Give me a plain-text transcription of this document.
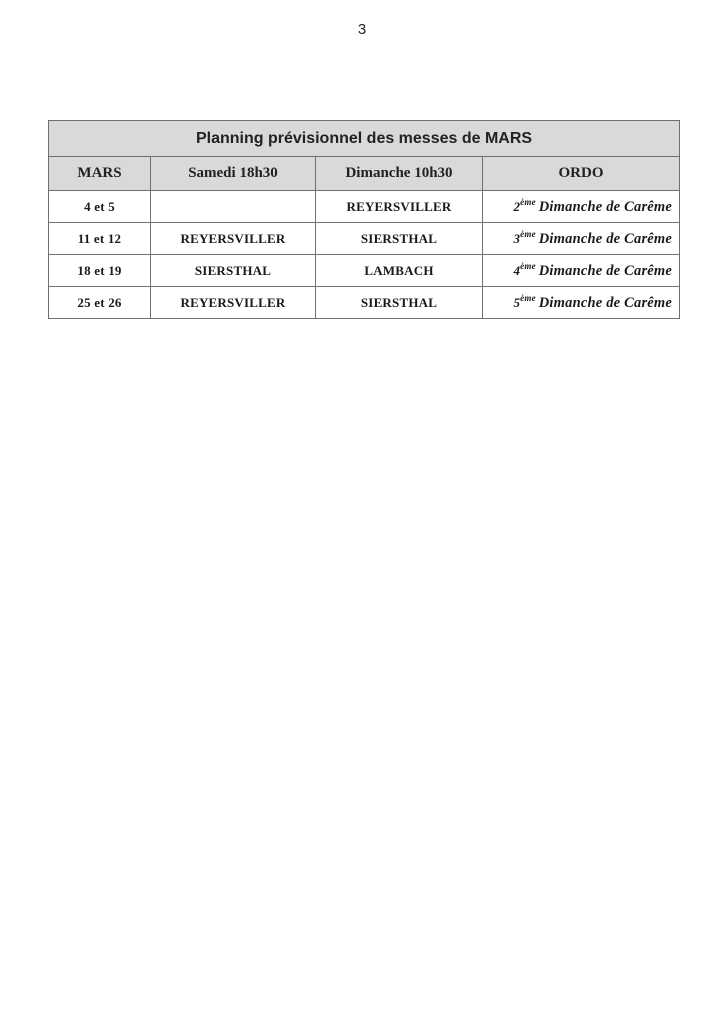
3
Planning prévisionnel des messes de MARS			
MARS	Samedi 18h30	Dimanche 10h30	ORDO
4 et 5		REYERSVILLER	2ème Dimanche de Carême
11 et 12	REYERSVILLER	SIERSTHAL	3ème Dimanche de Carême
18 et 19	SIERSTHAL	LAMBACH	4ème Dimanche de Carême
25 et 26	REYERSVILLER	SIERSTHAL	5ème Dimanche de Carême
